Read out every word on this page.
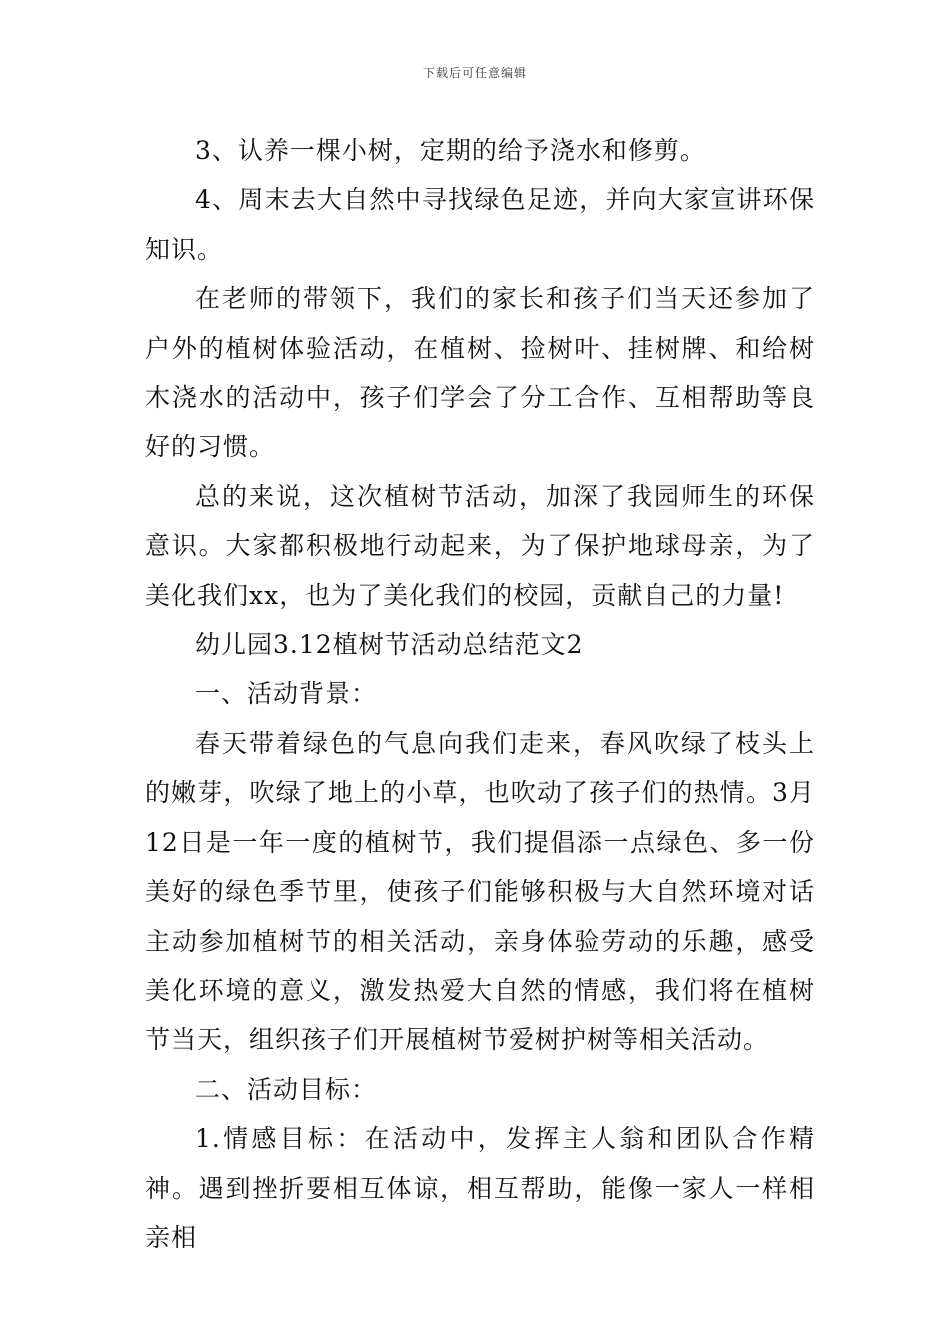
下载后可任意编辑

3、认养一棵小树，定期的给予浇水和修剪。

4、周末去大自然中寻找绿色足迹，并向大家宣讲环保知识。

在老师的带领下，我们的家长和孩子们当天还参加了户外的植树体验活动，在植树、捡树叶、挂树牌、和给树木浇水的活动中，孩子们学会了分工合作、互相帮助等良好的习惯。

总的来说，这次植树节活动，加深了我园师生的环保意识。大家都积极地行动起来，为了保护地球母亲，为了美化我们xx，也为了美化我们的校园，贡献自己的力量!

幼儿园3.12植树节活动总结范文2

一、活动背景：

春天带着绿色的气息向我们走来，春风吹绿了枝头上的嫩芽，吹绿了地上的小草，也吹动了孩子们的热情。3月12日是一年一度的植树节，我们提倡添一点绿色、多一份美好的绿色季节里，使孩子们能够积极与大自然环境对话主动参加植树节的相关活动，亲身体验劳动的乐趣，感受美化环境的意义，激发热爱大自然的情感，我们将在植树节当天，组织孩子们开展植树节爱树护树等相关活动。

二、活动目标：

1.情感目标：在活动中，发挥主人翁和团队合作精神。遇到挫折要相互体谅，相互帮助，能像一家人一样相亲相
